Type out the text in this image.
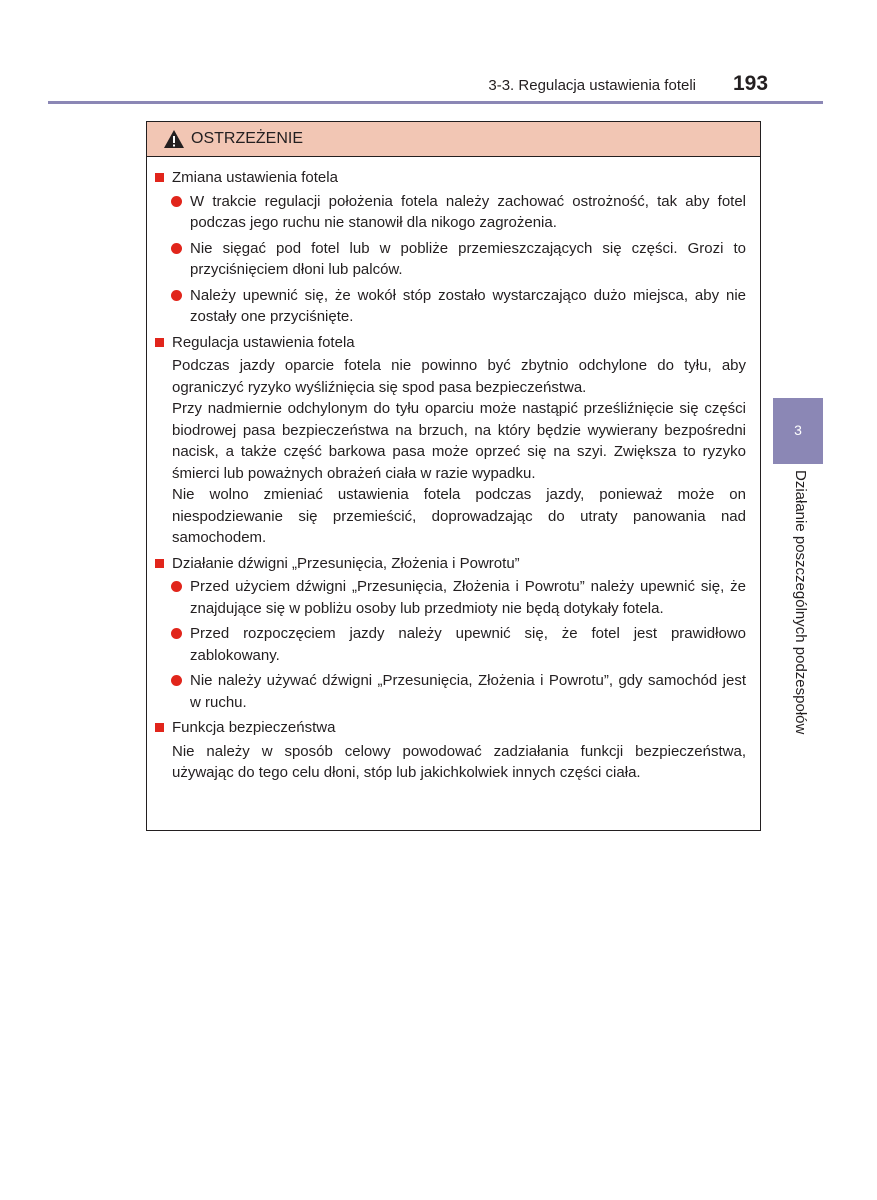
3-3. Regulacja ustawienia foteli 193
3
Działanie poszczególnych podzespołów
OSTRZEŻENIE
Zmiana ustawienia fotela
W trakcie regulacji położenia fotela należy zachować ostrożność, tak aby fotel podczas jego ruchu nie stanowił dla nikogo zagrożenia.
Nie sięgać pod fotel lub w pobliże przemieszczających się części. Grozi to przyciśnięciem dłoni lub palców.
Należy upewnić się, że wokół stóp zostało wystarczająco dużo miejsca, aby nie zostały one przyciśnięte.
Regulacja ustawienia fotela
Podczas jazdy oparcie fotela nie powinno być zbytnio odchylone do tyłu, aby ograniczyć ryzyko wyśliźnięcia się spod pasa bezpieczeństwa.
Przy nadmiernie odchylonym do tyłu oparciu może nastąpić prześliźnięcie się części biodrowej pasa bezpieczeństwa na brzuch, na który będzie wywierany bezpośredni nacisk, a także część barkowa pasa może oprzeć się na szyi. Zwiększa to ryzyko śmierci lub poważnych obrażeń ciała w razie wypadku.
Nie wolno zmieniać ustawienia fotela podczas jazdy, ponieważ może on niespodziewanie się przemieścić, doprowadzając do utraty panowania nad samochodem.
Działanie dźwigni „Przesunięcia, Złożenia i Powrotu”
Przed użyciem dźwigni „Przesunięcia, Złożenia i Powrotu” należy upewnić się, że znajdujące się w pobliżu osoby lub przedmioty nie będą dotykały fotela.
Przed rozpoczęciem jazdy należy upewnić się, że fotel jest prawidłowo zablokowany.
Nie należy używać dźwigni „Przesunięcia, Złożenia i Powrotu”, gdy samochód jest w ruchu.
Funkcja bezpieczeństwa
Nie należy w sposób celowy powodować zadziałania funkcji bezpieczeństwa, używając do tego celu dłoni, stóp lub jakichkolwiek innych części ciała.
